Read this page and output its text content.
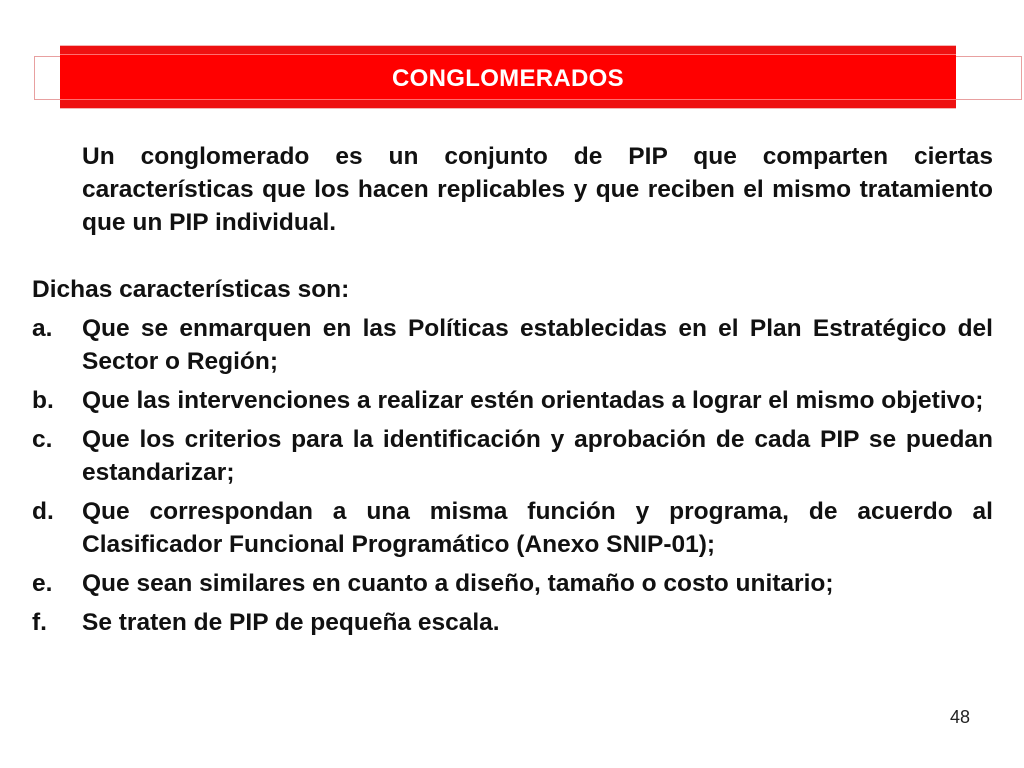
CONGLOMERADOS

Un conglomerado es un conjunto de PIP que comparten ciertas características que los hacen replicables y que reciben el mismo tratamiento que un PIP individual.

Dichas características son:

a.	Que se enmarquen en las Políticas establecidas en el Plan Estratégico del Sector o Región;
b.	Que las intervenciones a realizar estén orientadas a lograr el mismo objetivo;
c.	Que los criterios para la identificación y aprobación de cada PIP se puedan estandarizar;
d.	Que correspondan a una misma función y programa, de acuerdo al Clasificador Funcional Programático (Anexo SNIP-01);
e.	Que sean similares en cuanto a diseño, tamaño o costo unitario;
f.	Se traten de PIP de pequeña escala.
48
